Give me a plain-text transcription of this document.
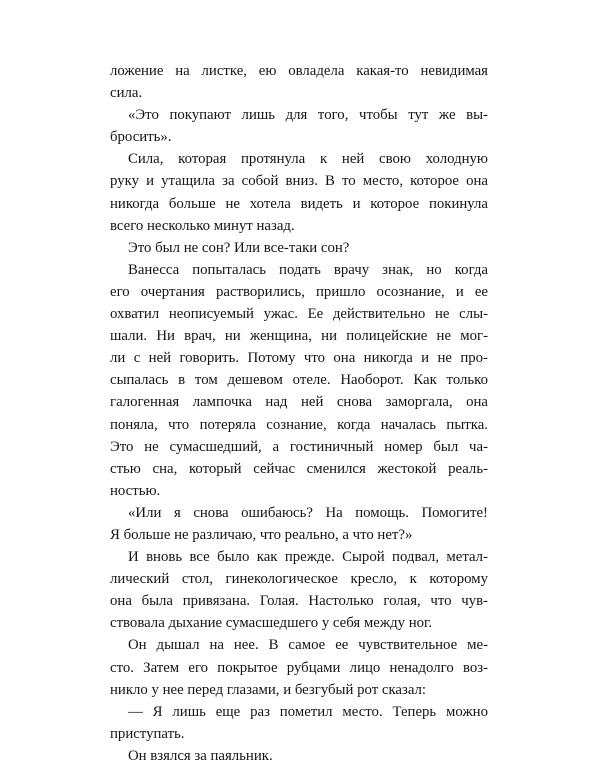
ложение на листке, ею овладела какая-то невидимая
сила.
«Это покупают лишь для того, чтобы тут же вы-
бросить».
Сила, которая протянула к ней свою холодную
руку и утащила за собой вниз. В то место, которое она
никогда больше не хотела видеть и которое покинула
всего несколько минут назад.
Это был не сон? Или все-таки сон?
Ванесса попыталась подать врачу знак, но когда
его очертания растворились, пришло осознание, и ее
охватил неописуемый ужас. Ее действительно не слы-
шали. Ни врач, ни женщина, ни полицейские не мог-
ли с ней говорить. Потому что она никогда и не про-
сыпалась в том дешевом отеле. Наоборот. Как только
галогенная лампочка над ней снова заморгала, она
поняла, что потеряла сознание, когда началась пытка.
Это не сумасшедший, а гостиничный номер был ча-
стью сна, который сейчас сменился жестокой реаль-
ностью.
«Или я снова ошибаюсь? На помощь. Помогите!
Я больше не различаю, что реально, а что нет?»
И вновь все было как прежде. Сырой подвал, метал-
лический стол, гинекологическое кресло, к которому
она была привязана. Голая. Настолько голая, что чув-
ствовала дыхание сумасшедшего у себя между ног.
Он дышал на нее. В самое ее чувствительное ме-
сто. Затем его покрытое рубцами лицо ненадолго воз-
никло у нее перед глазами, и безгубый рот сказал:
— Я лишь еще раз пометил место. Теперь можно
приступать.
Он взялся за паяльник.
